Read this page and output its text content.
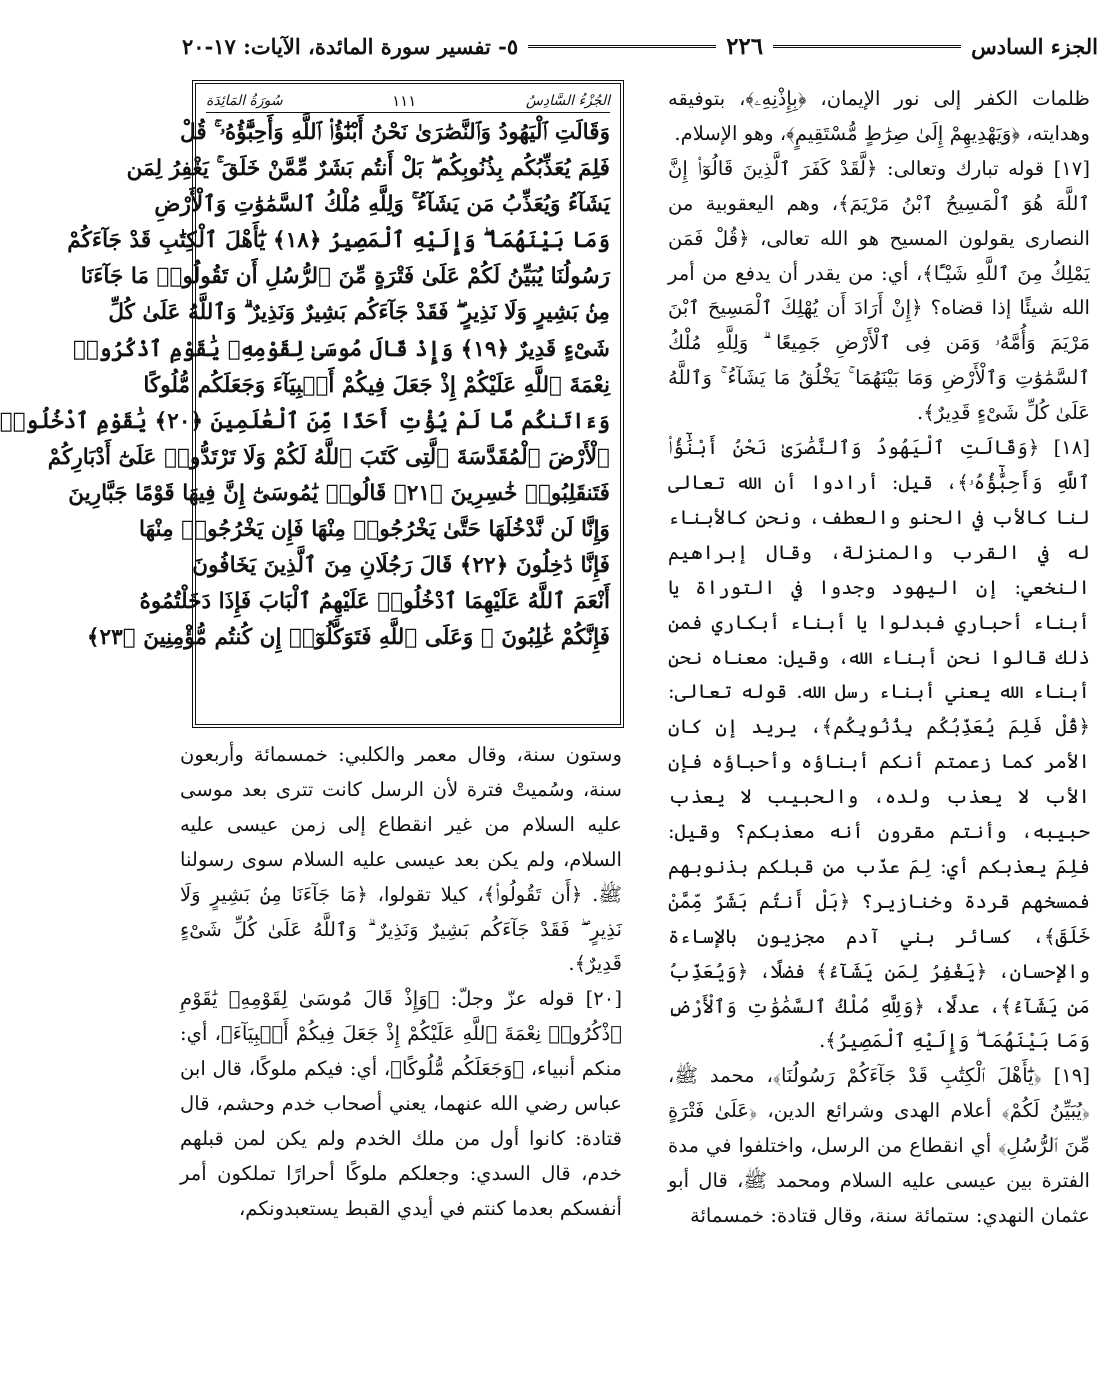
الجزء السادس
٢٢٦
٥- تفسير سورة المائدة، الآيات: ١٧-٢٠

ظلمات الكفر إلى نور الإيمان، ﴿بِإِذْنِهِۦ﴾، بتوفيقه وهدايته، ﴿وَيَهْدِيهِمْ إِلَىٰ صِرَٰطٍ مُّسْتَقِيمٍ﴾، وهو الإسلام.

[١٧] قوله تبارك وتعالى: ﴿لَّقَدْ كَفَرَ ٱلَّذِينَ قَالُوٓا۟ إِنَّ ٱللَّهَ هُوَ ٱلْمَسِيحُ ٱبْنُ مَرْيَمَ﴾، وهم اليعقوبية من النصارى يقولون المسيح هو الله تعالى، ﴿قُلْ فَمَن يَمْلِكُ مِنَ ٱللَّهِ شَيْـًٔا﴾، أي: من يقدر أن يدفع من أمر الله شيئًا إذا قضاه؟ ﴿إِنْ أَرَادَ أَن يُهْلِكَ ٱلْمَسِيحَ ٱبْنَ مَرْيَمَ وَأُمَّهُۥ وَمَن فِى ٱلْأَرْضِ جَمِيعًا ۗ وَلِلَّهِ مُلْكُ ٱلسَّمَٰوَٰتِ وَٱلْأَرْضِ وَمَا بَيْنَهُمَا ۚ يَخْلُقُ مَا يَشَآءُ ۚ وَٱللَّهُ عَلَىٰ كُلِّ شَىْءٍ قَدِيرٌ﴾.

[١٨] ﴿وَقَالَتِ ٱلْيَهُودُ وَٱلنَّصَٰرَىٰ نَحْنُ أَبْنَٰٓؤُا۟ ٱللَّهِ وَأَحِبَّٰٓؤُهُۥ﴾، قيل: أرادوا أن الله تعالى لنا كالأب في الحنو والعطف، ونحن كالأبناء له في القرب والمنزلة، وقال إبراهيم النخعي: إن اليهود وجدوا في التوراة يا أبناء أحباري فبدلوا يا أبناء أبكاري فمن ذلك قالوا نحن أبناء الله، وقيل: معناه نحن أبناء الله يعني أبناء رسل الله. قوله تعالى: ﴿قُلْ فَلِمَ يُعَذِّبُكُم بِذُنُوبِكُم﴾، يريد إن كان الأمر كما زعمتم أنكم أبناؤه وأحباؤه فإن الأب لا يعذب ولده، والحبيب لا يعذب حبيبه، وأنتم مقرون أنه معذبكم؟ وقيل: فلِمَ يعذبكم أي: لِمَ عذّب من قبلكم بذنوبهم فمسخهم قردة وخنازير؟ ﴿بَلْ أَنتُم بَشَرٌ مِّمَّنْ خَلَقَ﴾، كسائر بني آدم مجزيون بالإساءة والإحسان، ﴿يَغْفِرُ لِمَن يَشَآءُ﴾ فضلًا، ﴿وَيُعَذِّبُ مَن يَشَآءُ﴾، عدلًا، ﴿وَلِلَّهِ مُلْكُ ٱلسَّمَٰوَٰتِ وَٱلْأَرْضِ وَمَا بَيْنَهُمَا ۖ وَإِلَيْهِ ٱلْمَصِيرُ﴾.

[١٩] ﴿يَٰٓأَهْلَ ٱلْكِتَٰبِ قَدْ جَآءَكُمْ رَسُولُنَا﴾، محمد ﷺ، ﴿يُبَيِّنُ لَكُمْ﴾ أعلام الهدى وشرائع الدين، ﴿عَلَىٰ فَتْرَةٍ مِّنَ ٱلرُّسُلِ﴾ أي انقطاع من الرسل، واختلفوا في مدة الفترة بين عيسى عليه السلام ومحمد ﷺ، قال أبو عثمان النهدي: ستمائة سنة، وقال قتادة: خمسمائة

الجُزْءُ السَّادِسُ
١١١
سُورَةُ المَائِدَة
وَقَالَتِ ٱلْيَهُودُ وَٱلنَّصَٰرَىٰ نَحْنُ أَبْنَٰٓؤُا۟ ٱللَّهِ وَأَحِبَّٰٓؤُهُۥ ۚ قُلْ
فَلِمَ يُعَذِّبُكُم بِذُنُوبِكُم ۖ بَلْ أَنتُم بَشَرٌ مِّمَّنْ خَلَقَ ۚ يَغْفِرُ لِمَن
يَشَآءُ وَيُعَذِّبُ مَن يَشَآءُ ۚ وَلِلَّهِ مُلْكُ ٱلسَّمَٰوَٰتِ وَٱلْأَرْضِ
وَمَا بَيْنَهُمَا ۖ وَإِلَيْهِ ٱلْمَصِيرُ ﴿١٨﴾ يَٰٓأَهْلَ ٱلْكِتَٰبِ قَدْ جَآءَكُمْ
رَسُولُنَا يُبَيِّنُ لَكُمْ عَلَىٰ فَتْرَةٍ مِّنَ ٱلرُّسُلِ أَن تَقُولُوا۟ مَا جَآءَنَا
مِنۢ بَشِيرٍ وَلَا نَذِيرٍ ۖ فَقَدْ جَآءَكُم بَشِيرٌ وَنَذِيرٌ ۗ وَٱللَّهُ عَلَىٰ كُلِّ
شَىْءٍ قَدِيرٌ ﴿١٩﴾ وَإِذْ قَالَ مُوسَىٰ لِقَوْمِهِۦ يَٰقَوْمِ ٱذْكُرُوا۟
نِعْمَةَ ٱللَّهِ عَلَيْكُمْ إِذْ جَعَلَ فِيكُمْ أَنۢبِيَآءَ وَجَعَلَكُم مُّلُوكًا
وَءَاتَىٰكُم مَّا لَمْ يُؤْتِ أَحَدًا مِّنَ ٱلْعَٰلَمِينَ ﴿٢٠﴾ يَٰقَوْمِ ٱدْخُلُوا۟
ٱلْأَرْضَ ٱلْمُقَدَّسَةَ ٱلَّتِى كَتَبَ ٱللَّهُ لَكُمْ وَلَا تَرْتَدُّوا۟ عَلَىٰٓ أَدْبَارِكُمْ
فَتَنقَلِبُوا۟ خَٰسِرِينَ ﴿٢١﴾ قَالُوا۟ يَٰمُوسَىٰٓ إِنَّ فِيهَا قَوْمًا جَبَّارِينَ
وَإِنَّا لَن نَّدْخُلَهَا حَتَّىٰ يَخْرُجُوا۟ مِنْهَا فَإِن يَخْرُجُوا۟ مِنْهَا
فَإِنَّا دَٰخِلُونَ ﴿٢٢﴾ قَالَ رَجُلَانِ مِنَ ٱلَّذِينَ يَخَافُونَ
أَنْعَمَ ٱللَّهُ عَلَيْهِمَا ٱدْخُلُوا۟ عَلَيْهِمُ ٱلْبَابَ فَإِذَا دَخَلْتُمُوهُ
فَإِنَّكُمْ غَٰلِبُونَ ۚ وَعَلَى ٱللَّهِ فَتَوَكَّلُوٓا۟ إِن كُنتُم مُّؤْمِنِينَ ﴿٢٣﴾

وستون سنة، وقال معمر والكلبي: خمسمائة وأربعون سنة، وسُميتْ فترة لأن الرسل كانت تترى بعد موسى عليه السلام من غير انقطاع إلى زمن عيسى عليه السلام، ولم يكن بعد عيسى عليه السلام سوى رسولنا ﷺ. ﴿أَن تَقُولُوا۟﴾، كيلا تقولوا، ﴿مَا جَآءَنَا مِنۢ بَشِيرٍ وَلَا نَذِيرٍ ۖ فَقَدْ جَآءَكُم بَشِيرٌ وَنَذِيرٌ ۗ وَٱللَّهُ عَلَىٰ كُلِّ شَىْءٍ قَدِيرٌ﴾.

[٢٠] قوله عزّ وجلّ: ﴿وَإِذْ قَالَ مُوسَىٰ لِقَوْمِهِۦ يَٰقَوْمِ ٱذْكُرُوا۟ نِعْمَةَ ٱللَّهِ عَلَيْكُمْ إِذْ جَعَلَ فِيكُمْ أَنۢبِيَآءَ﴾، أي: منكم أنبياء، ﴿وَجَعَلَكُم مُّلُوكًا﴾، أي: فيكم ملوكًا، قال ابن عباس رضي الله عنهما، يعني أصحاب خدم وحشم، قال قتادة: كانوا أول من ملك الخدم ولم يكن لمن قبلهم خدم، قال السدي: وجعلكم ملوكًا أحرارًا تملكون أمر أنفسكم بعدما كنتم في أيدي القبط يستعبدونكم،
